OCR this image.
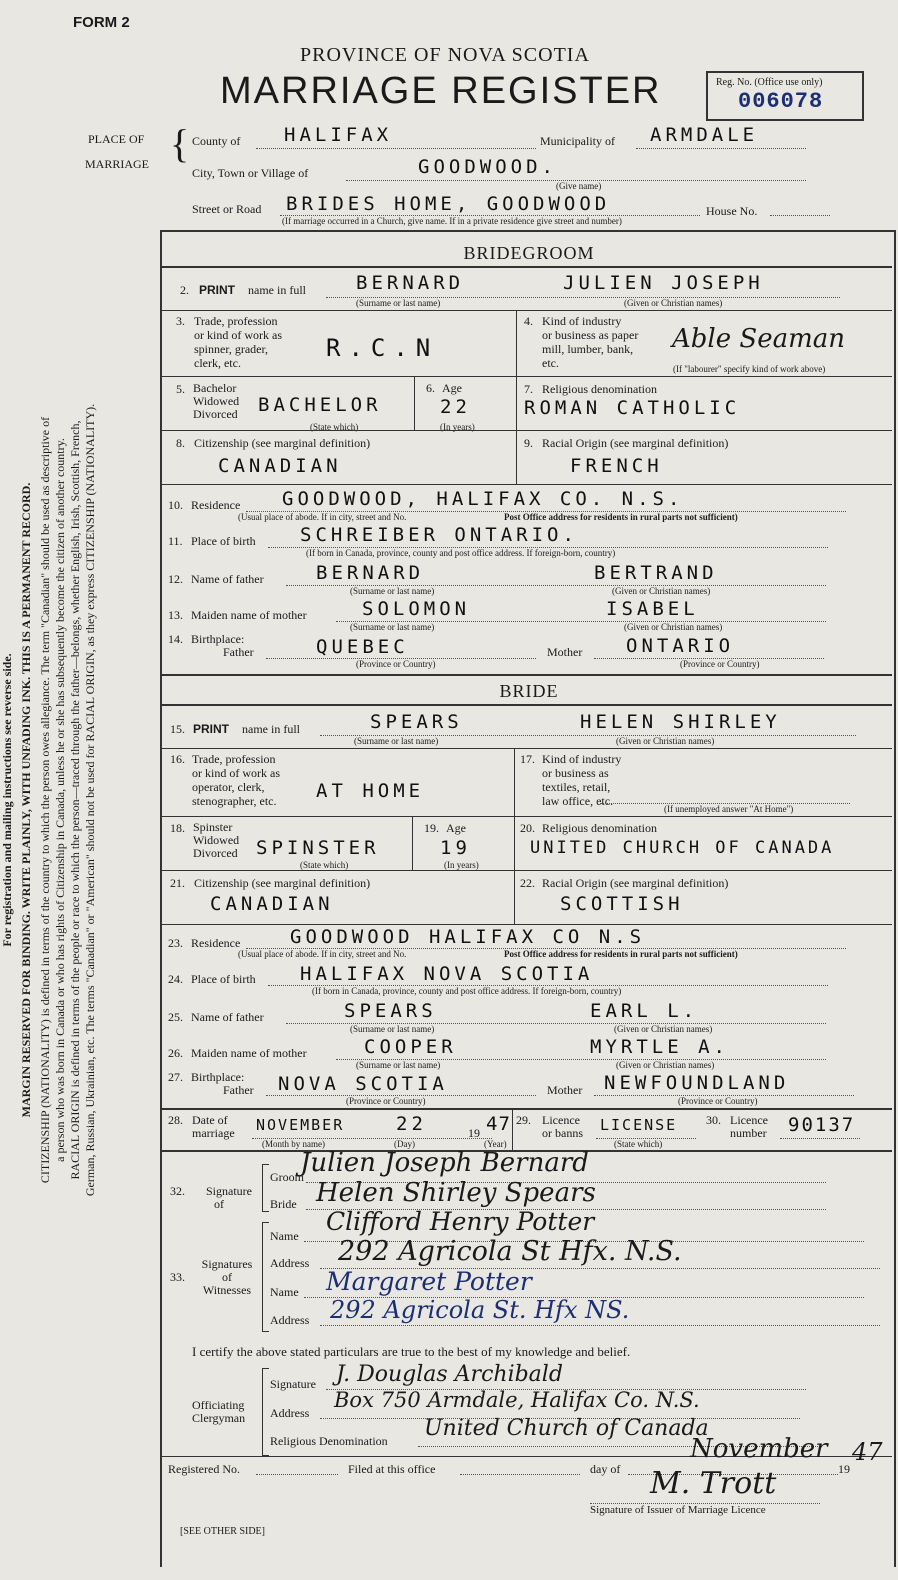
For registration and mailing instructions see reverse side. MARGIN RESERVED FOR BINDING. WRITE PLAINLY, WITH UNFADING INK. THIS IS A PERMANENT RECORD. CITIZENSHIP (NATIONALITY) is defined in terms of the country to which the person owes allegiance. The term "Canadian" should be used as descriptive of a person who was born in Canada or who has rights of Citizenship in Canada, unless he or she has subsequently become the citizen of another country. RACIAL ORIGIN is defined in terms of the people or race to which the person—traced through the father—belongs, whether English, Irish, Scottish, French, German, Russian, Ukrainian, etc. The terms "Canadian" or "American" should not be used for RACIAL ORIGIN, as they express CITIZENSHIP (NATIONALITY).
FORM 2
PROVINCE OF NOVA SCOTIA
MARRIAGE REGISTER	Reg. No. (Office use only)
006078
PLACE OF
MARRIAGE { County of HALIFAX	Municipality of ARMDALE
City, Town or Village of	GOODWOOD.
(Give name)
Street or Road BRIDES HOME, GOODWOOD	House No.
(If marriage occurred in a Church, give name. If in a private residence give street and number)
BRIDEGROOM
2. PRINT name in full	BERNARD	JULIEN JOSEPH
(Surname or last name)	(Given or Christian names)
3. Trade, profession
or kind of work as
spinner, grader,
clerk, etc.
R.C.N
4. Kind of industry
or business as paper
mill, lumber, bank,
etc.
Able Seaman
(If "labourer" specify kind of work above)
5. Bachelor
Widowed
Divorced BACHELOR
(State which)
6. Age
22
(In years)
7. Religious denomination
ROMAN CATHOLIC
8. Citizenship (see marginal definition)
CANADIAN
9. Racial Origin (see marginal definition)
FRENCH
10. Residence GOODWOOD, HALIFAX CO. N.S.
(Usual place of abode. If in city, street and No.	Post Office address for residents in rural parts not sufficient)
11. Place of birth SCHREIBER ONTARIO.
(If born in Canada, province, county and post office address. If foreign-born, country)
12. Name of father	BERNARD	BERTRAND
(Surname or last name)	(Given or Christian names)
13. Maiden name of mother	SOLOMON	ISABEL
(Surname or last name)	(Given or Christian names)
14. Birthplace:
Father	QUEBEC	Mother ONTARIO
(Province or Country)	(Province or Country)
BRIDE
15. PRINT name in full	SPEARS	HELEN SHIRLEY
(Surname or last name)	(Given or Christian names)
16. Trade, profession
or kind of work as
operator, clerk,
stenographer, etc. AT HOME
17. Kind of industry
or business as
textiles, retail,
law office, etc.
(If unemployed answer "At Home")
18. Spinster
Widowed
Divorced SPINSTER
(State which)
19. Age
19
(In years)
20. Religious denomination
UNITED CHURCH OF CANADA
21. Citizenship (see marginal definition)
CANADIAN
22. Racial Origin (see marginal definition)
SCOTTISH
23. Residence	GOODWOOD HALIFAX CO N.S
(Usual place of abode. If in city, street and No.	Post Office address for residents in rural parts not sufficient)
24. Place of birth HALIFAX NOVA SCOTIA
(If born in Canada, province, county and post office address. If foreign-born, country)
25. Name of father	SPEARS	EARL L.
(Surname or last name)	(Given or Christian names)
26. Maiden name of mother	COOPER	MYRTLE A.
(Surname or last name)	(Given or Christian names)
27. Birthplace:
Father NOVA SCOTIA	Mother NEWFOUNDLAND
(Province or Country)	(Province or Country)
28. Date of
marriage NOVEMBER	22	19 47
(Month by name)	(Day)	(Year)
29. Licence
or banns LICENSE
(State which)
30. Licence
number 90137
32. Signature
of
Groom
Julien Joseph Bernard
Bride Helen Shirley Spears
33.
Signatures
of
Witnesses
Name Clifford Henry Potter
Address 292 Agricola St Hfx. N.S.
Name Margaret Potter
Address 292 Agricola St. Hfx NS.
I certify the above stated particulars are true to the best of my knowledge and belief.
Officiating
Clergyman
Signature J. Douglas Archibald
Address
Box 750 Armdale, Halifax Co. N.S.
Religious Denomination United Church of Canada
Registered No.	Filed at this office	day of
November
19
47
M. Trott
Signature of Issuer of Marriage Licence
[SEE OTHER SIDE]
